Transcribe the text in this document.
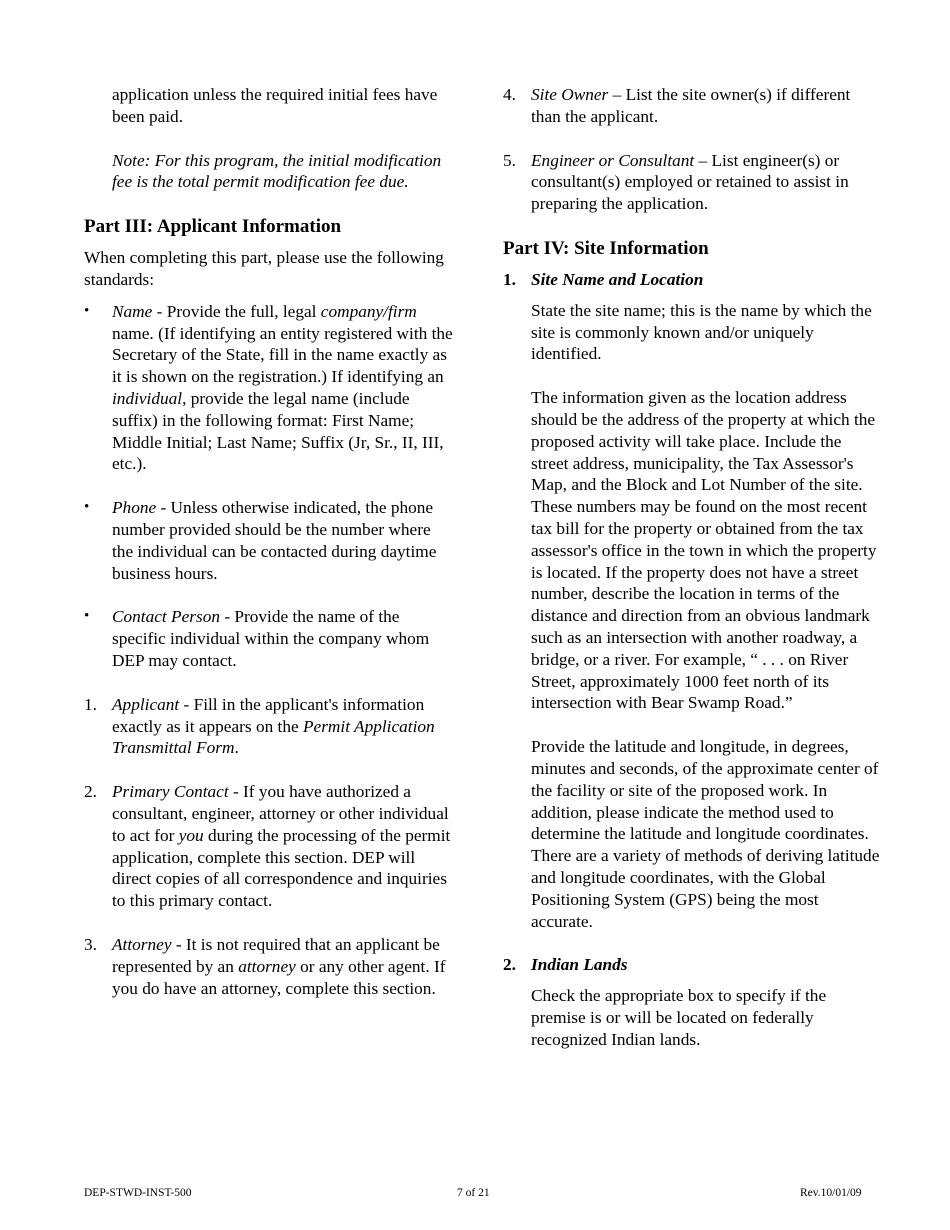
application unless the required initial fees have been paid.

Note: For this program, the initial modification fee is the total permit modification fee due.

Part III: Applicant Information

When completing this part, please use the following standards:

• Name - Provide the full, legal company/firm name. (If identifying an entity registered with the Secretary of the State, fill in the name exactly as it is shown on the registration.) If identifying an individual, provide the legal name (include suffix) in the following format: First Name; Middle Initial; Last Name; Suffix (Jr, Sr., II, III, etc.).

• Phone - Unless otherwise indicated, the phone number provided should be the number where the individual can be contacted during daytime business hours.

• Contact Person - Provide the name of the specific individual within the company whom DEP may contact.

1. Applicant - Fill in the applicant's information exactly as it appears on the Permit Application Transmittal Form.

2. Primary Contact - If you have authorized a consultant, engineer, attorney or other individual to act for you during the processing of the permit application, complete this section. DEP will direct copies of all correspondence and inquiries to this primary contact.

3. Attorney - It is not required that an applicant be represented by an attorney or any other agent. If you do have an attorney, complete this section.

4. Site Owner – List the site owner(s) if different than the applicant.

5. Engineer or Consultant – List engineer(s) or consultant(s) employed or retained to assist in preparing the application.

Part IV: Site Information

1. Site Name and Location

State the site name; this is the name by which the site is commonly known and/or uniquely identified.

The information given as the location address should be the address of the property at which the proposed activity will take place. Include the street address, municipality, the Tax Assessor's Map, and the Block and Lot Number of the site. These numbers may be found on the most recent tax bill for the property or obtained from the tax assessor's office in the town in which the property is located. If the property does not have a street number, describe the location in terms of the distance and direction from an obvious landmark such as an intersection with another roadway, a bridge, or a river. For example, “ . . . on River Street, approximately 1000 feet north of its intersection with Bear Swamp Road.”

Provide the latitude and longitude, in degrees, minutes and seconds, of the approximate center of the facility or site of the proposed work. In addition, please indicate the method used to determine the latitude and longitude coordinates. There are a variety of methods of deriving latitude and longitude coordinates, with the Global Positioning System (GPS) being the most accurate.

2. Indian Lands

Check the appropriate box to specify if the premise is or will be located on federally recognized Indian lands.

DEP-STWD-INST-500	7 of 21	Rev.10/01/09
